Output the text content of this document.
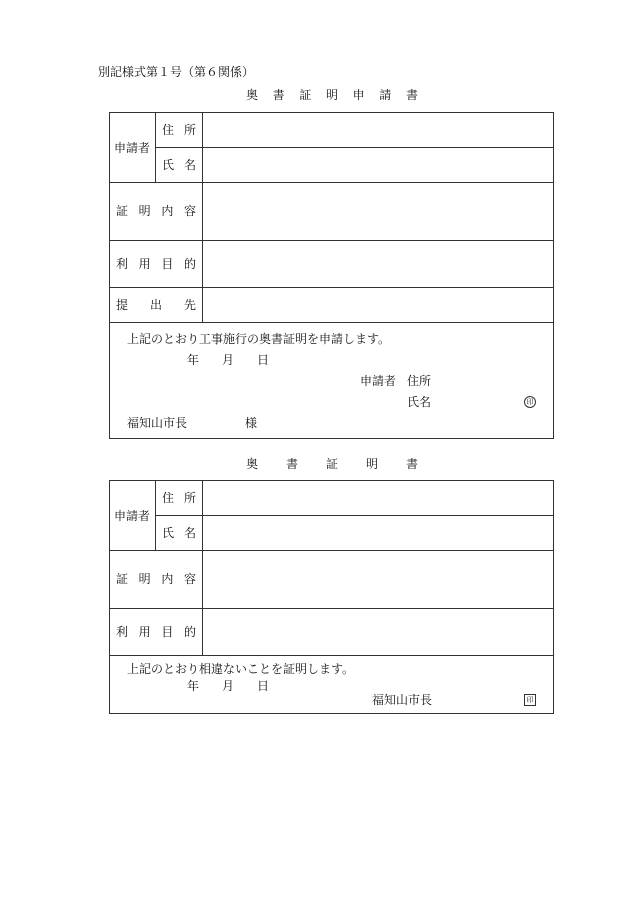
別記様式第１号（第６関係）
奥 書 証 明 申 請 書
申請者
住 所
氏 名
証 明 内 容
利 用 目 的
提 出 先
上記のとおり工事施行の奥書証明を申請します。
年 月 日
申請者 住所
氏名	印
福知山市長	様
奥 書 証 明 書
申請者
住 所
氏 名
証 明 内 容
利 用 目 的
上記のとおり相違ないことを証明します。
年 月 日
福知山市長	印
